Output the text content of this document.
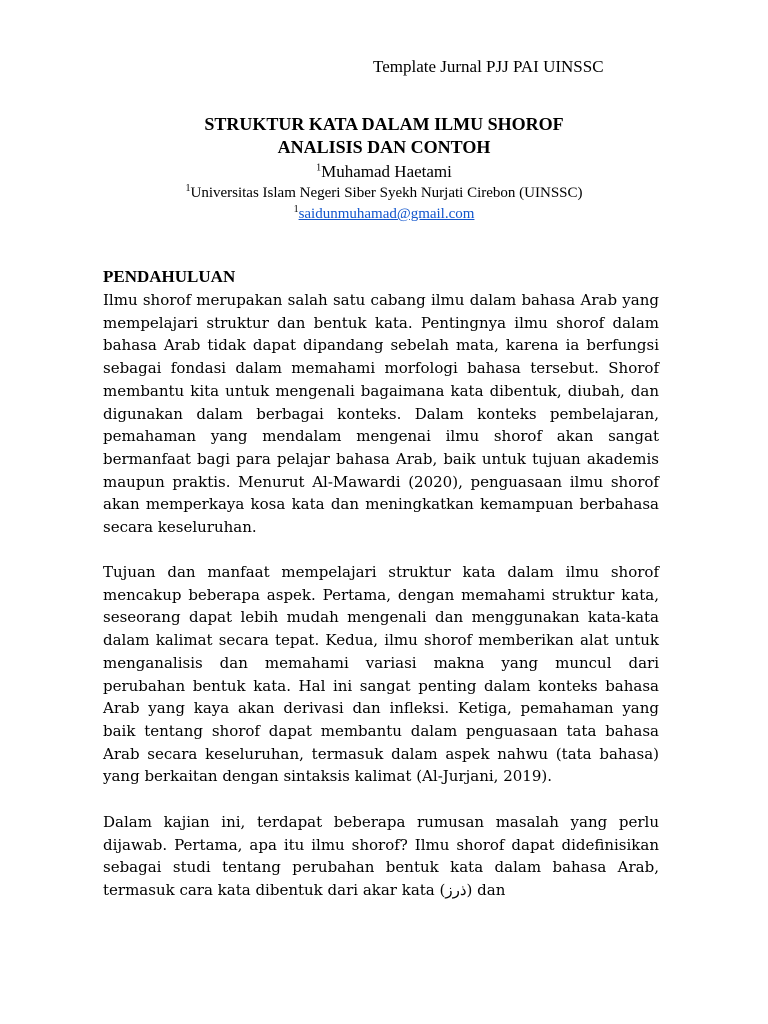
Template Jurnal PJJ PAI UINSSC
STRUKTUR KATA DALAM ILMU SHOROF
ANALISIS DAN CONTOH
$^1$Muhamad Haetami
$^1$Universitas Islam Negeri Siber Syekh Nurjati Cirebon (UINSSC)
$^1$saidunmuhamad@gmail.com
PENDAHULUAN

Ilmu shorof merupakan salah satu cabang ilmu dalam bahasa Arab yang mempelajari struktur dan bentuk kata. Pentingnya ilmu shorof dalam bahasa Arab tidak dapat dipandang sebelah mata, karena ia berfungsi sebagai fondasi dalam memahami morfologi bahasa tersebut. Shorof membantu kita untuk mengenali bagaimana kata dibentuk, diubah, dan digunakan dalam berbagai konteks. Dalam konteks pembelajaran, pemahaman yang mendalam mengenai ilmu shorof akan sangat bermanfaat bagi para pelajar bahasa Arab, baik untuk tujuan akademis maupun praktis. Menurut Al-Mawardi (2020), penguasaan ilmu shorof akan memperkaya kosa kata dan meningkatkan kemampuan berbahasa secara keseluruhan.

Tujuan dan manfaat mempelajari struktur kata dalam ilmu shorof mencakup beberapa aspek. Pertama, dengan memahami struktur kata, seseorang dapat lebih mudah mengenali dan menggunakan kata-kata dalam kalimat secara tepat. Kedua, ilmu shorof memberikan alat untuk menganalisis dan memahami variasi makna yang muncul dari perubahan bentuk kata. Hal ini sangat penting dalam konteks bahasa Arab yang kaya akan derivasi dan infleksi. Ketiga, pemahaman yang baik tentang shorof dapat membantu dalam penguasaan tata bahasa Arab secara keseluruhan, termasuk dalam aspek nahwu (tata bahasa) yang berkaitan dengan sintaksis kalimat (Al-Jurjani, 2019).

Dalam kajian ini, terdapat beberapa rumusan masalah yang perlu dijawab. Pertama, apa itu ilmu shorof? Ilmu shorof dapat didefinisikan sebagai studi tentang perubahan bentuk kata dalam bahasa Arab, termasuk cara kata dibentuk dari akar kata (ذرز) dan
